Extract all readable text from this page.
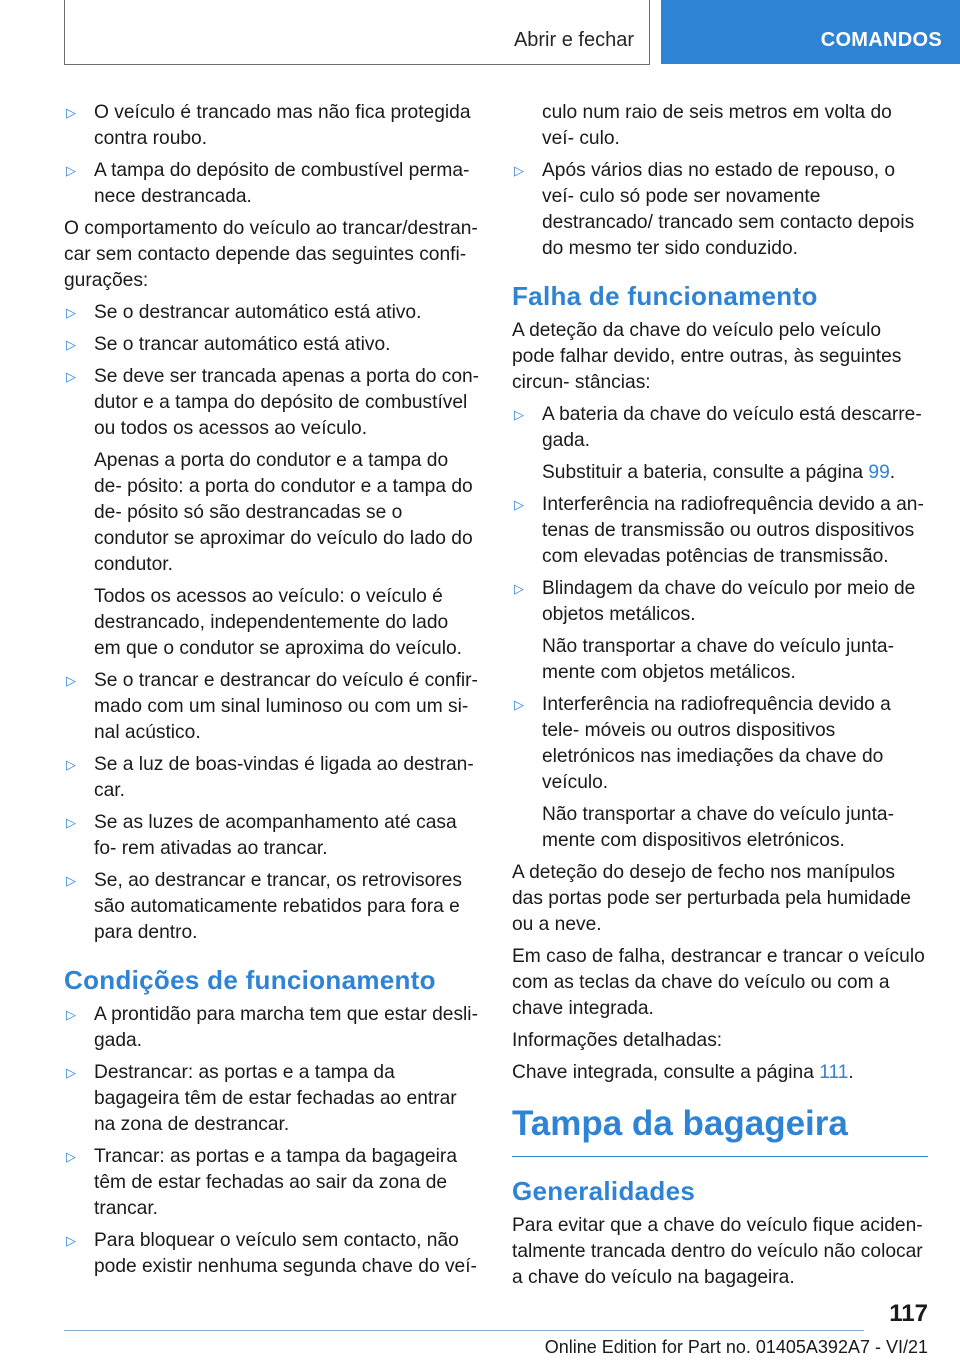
Abrir e fechar	COMANDOS
▷ O veículo é trancado mas não fica protegida contra roubo.
▷ A tampa do depósito de combustível perma- nece destrancada.

O comportamento do veículo ao trancar/destran- car sem contacto depende das seguintes confi- gurações:

▷ Se o destrancar automático está ativo.
▷ Se o trancar automático está ativo.
▷ Se deve ser trancada apenas a porta do con- dutor e a tampa do depósito de combustível ou todos os acessos ao veículo.
Apenas a porta do condutor e a tampa do de- pósito: a porta do condutor e a tampa do de- pósito só são destrancadas se o condutor se aproximar do veículo do lado do condutor.
Todos os acessos ao veículo: o veículo é destrancado, independentemente do lado em que o condutor se aproxima do veículo.
▷ Se o trancar e destrancar do veículo é confir- mado com um sinal luminoso ou com um si- nal acústico.
▷ Se a luz de boas-vindas é ligada ao destran- car.
▷ Se as luzes de acompanhamento até casa fo- rem ativadas ao trancar.
▷ Se, ao destrancar e trancar, os retrovisores são automaticamente rebatidos para fora e para dentro.
Condições de funcionamento
▷ A prontidão para marcha tem que estar desli- gada.
▷ Destrancar: as portas e a tampa da bagageira têm de estar fechadas ao entrar na zona de destrancar.
▷ Trancar: as portas e a tampa da bagageira têm de estar fechadas ao sair da zona de trancar.
▷ Para bloquear o veículo sem contacto, não pode existir nenhuma segunda chave do veí-
culo num raio de seis metros em volta do veí- culo.
▷ Após vários dias no estado de repouso, o veí- culo só pode ser novamente destrancado/ trancado sem contacto depois do mesmo ter sido conduzido.
Falha de funcionamento

A deteção da chave do veículo pelo veículo pode falhar devido, entre outras, às seguintes circun- stâncias:

▷ A bateria da chave do veículo está descarre- gada.
Substituir a bateria, consulte a página 99.
▷ Interferência na radiofrequência devido a an- tenas de transmissão ou outros dispositivos com elevadas potências de transmissão.
▷ Blindagem da chave do veículo por meio de objetos metálicos.
Não transportar a chave do veículo junta- mente com objetos metálicos.
▷ Interferência na radiofrequência devido a tele- móveis ou outros dispositivos eletrónicos nas imediações da chave do veículo.
Não transportar a chave do veículo junta- mente com dispositivos eletrónicos.

A deteção do desejo de fecho nos manípulos das portas pode ser perturbada pela humidade ou a neve.

Em caso de falha, destrancar e trancar o veículo com as teclas da chave do veículo ou com a chave integrada.

Informações detalhadas:

Chave integrada, consulte a página 111.

Tampa da bagageira
Generalidades

Para evitar que a chave do veículo fique aciden- talmente trancada dentro do veículo não colocar a chave do veículo na bagageira.

117
Online Edition for Part no. 01405A392A7 - VI/21
